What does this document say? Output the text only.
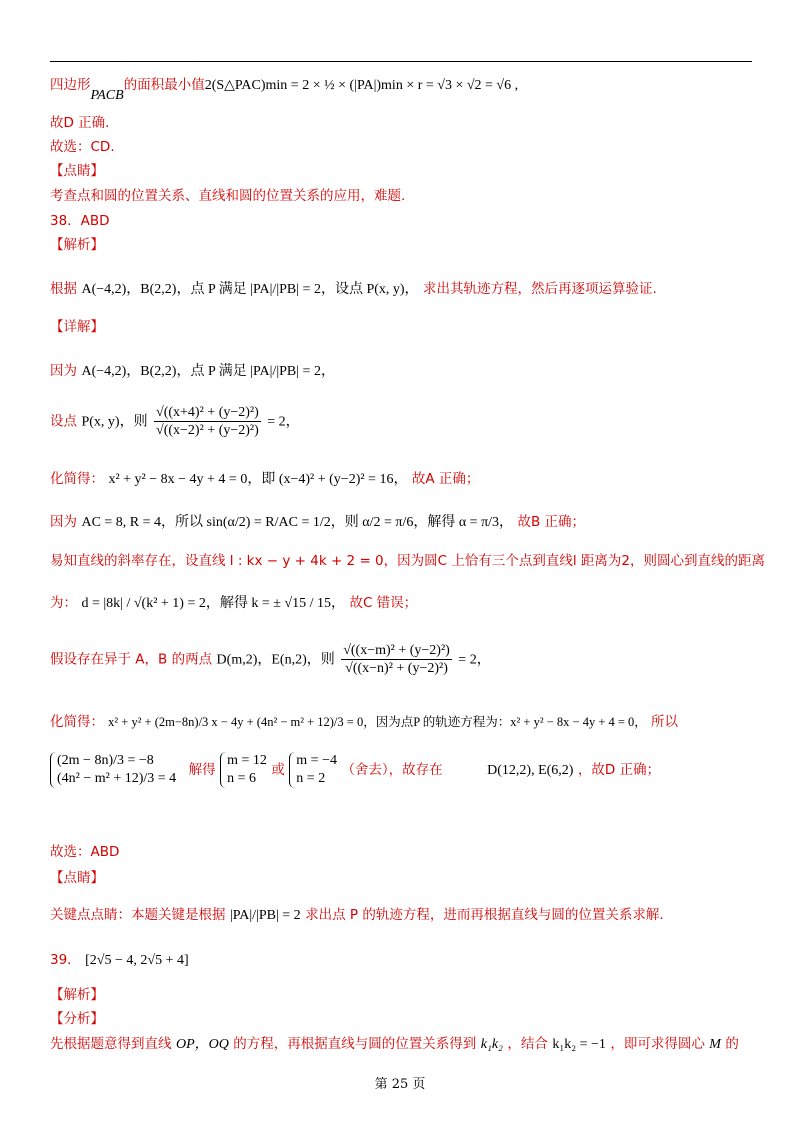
四边形PACB的面积最小值2(S△PAC)min = 2 × ½ × (|PA|)min × r = √3 × √2 = √6 ,
故D 正确.
故选：CD.
【点睛】
考查点和圆的位置关系、直线和圆的位置关系的应用，难题.
38．ABD
【解析】
根据 A(−4,2)，B(2,2)，点 P 满足 |PA|/|PB| = 2，设点 P(x, y)， 求出其轨迹方程，然后再逐项运算验证.
【详解】
因为 A(−4,2)，B(2,2)，点 P 满足 |PA|/|PB| = 2，
设点 P(x, y)，则 $\frac{\text{√((x+4)² + (y−2)²)}}{\text{√((x−2)² + (y−2)²)}} = 2$，
化简得： x² + y² − 8x − 4y + 4 = 0，即 (x−4)² + (y−2)² = 16， 故A 正确；
因为 AC = 8, R = 4，所以 sin(α/2) = R/AC = 1/2，则 α/2 = π/6，解得 α = π/3， 故B 正确；
易知直线的斜率存在，设直线 l : kx − y + 4k + 2 = 0，因为圆C 上恰有三个点到直线l 距离为2，则圆心到直线的距离
为： d = |8k| / √(k² + 1) = 2，解得 k = ± √15 / 15， 故C 错误；
假设存在异于 A，B 的两点 D(m,2)，E(n,2)，则 $\frac{\text{√((x−m)² + (y−2)²)}}{\text{√((x−n)² + (y−2)²)}} = 2$，
化简得： x² + y² + (2m−8n)/3 x − 4y + (4n² − m² + 12)/3 = 0，因为点P 的轨迹方程为：x² + y² − 8x − 4y + 4 = 0， 所以
(2m − 8n)/3 = −8
(4n² − m² + 12)/3 = 4
解得
m = 12
n = 6
或
m = −4
n = 2
（舍去），故存在	D(12,2), E(6,2) ，故D 正确；
故选：ABD
【点睛】
关键点点睛：本题关键是根据 |PA|/|PB| = 2 求出点 P 的轨迹方程，进而再根据直线与圆的位置关系求解.
39． [2√5 − 4, 2√5 + 4]
【解析】
【分析】
先根据题意得到直线 OP，OQ 的方程，再根据直线与圆的位置关系得到 k₁k₂ ，结合 k₁k₂ = −1 ，即可求得圆心 M 的
第 25 页
